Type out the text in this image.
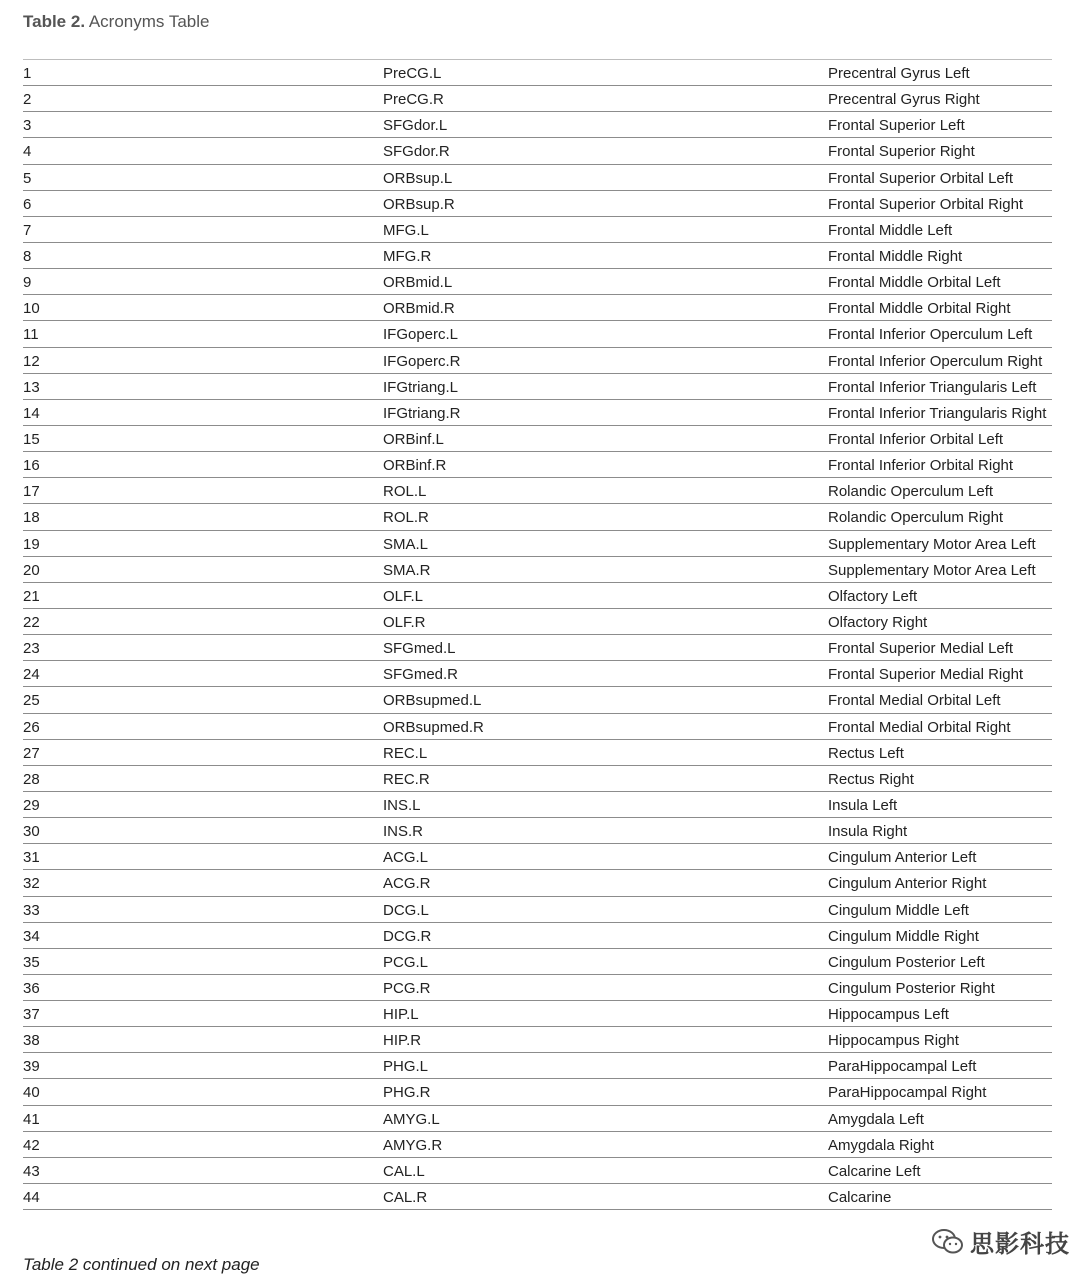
Table 2. Acronyms Table
1	PreCG.L	Precentral Gyrus Left
2	PreCG.R	Precentral Gyrus Right
3	SFGdor.L	Frontal Superior Left
4	SFGdor.R	Frontal Superior Right
5	ORBsup.L	Frontal Superior Orbital Left
6	ORBsup.R	Frontal Superior Orbital Right
7	MFG.L	Frontal Middle Left
8	MFG.R	Frontal Middle Right
9	ORBmid.L	Frontal Middle Orbital Left
10	ORBmid.R	Frontal Middle Orbital Right
11	IFGoperc.L	Frontal Inferior Operculum Left
12	IFGoperc.R	Frontal Inferior Operculum Right
13	IFGtriang.L	Frontal Inferior Triangularis Left
14	IFGtriang.R	Frontal Inferior Triangularis Right
15	ORBinf.L	Frontal Inferior Orbital Left
16	ORBinf.R	Frontal Inferior Orbital Right
17	ROL.L	Rolandic Operculum Left
18	ROL.R	Rolandic Operculum Right
19	SMA.L	Supplementary Motor Area Left
20	SMA.R	Supplementary Motor Area Left
21	OLF.L	Olfactory Left
22	OLF.R	Olfactory Right
23	SFGmed.L	Frontal Superior Medial Left
24	SFGmed.R	Frontal Superior Medial Right
25	ORBsupmed.L	Frontal Medial Orbital Left
26	ORBsupmed.R	Frontal Medial Orbital Right
27	REC.L	Rectus Left
28	REC.R	Rectus Right
29	INS.L	Insula Left
30	INS.R	Insula Right
31	ACG.L	Cingulum Anterior Left
32	ACG.R	Cingulum Anterior Right
33	DCG.L	Cingulum Middle Left
34	DCG.R	Cingulum Middle Right
35	PCG.L	Cingulum Posterior Left
36	PCG.R	Cingulum Posterior Right
37	HIP.L	Hippocampus Left
38	HIP.R	Hippocampus Right
39	PHG.L	ParaHippocampal Left
40	PHG.R	ParaHippocampal Right
41	AMYG.L	Amygdala Left
42	AMYG.R	Amygdala Right
43	CAL.L	Calcarine Left
44	CAL.R	Calcarine
Table 2 continued on next page
思影科技
